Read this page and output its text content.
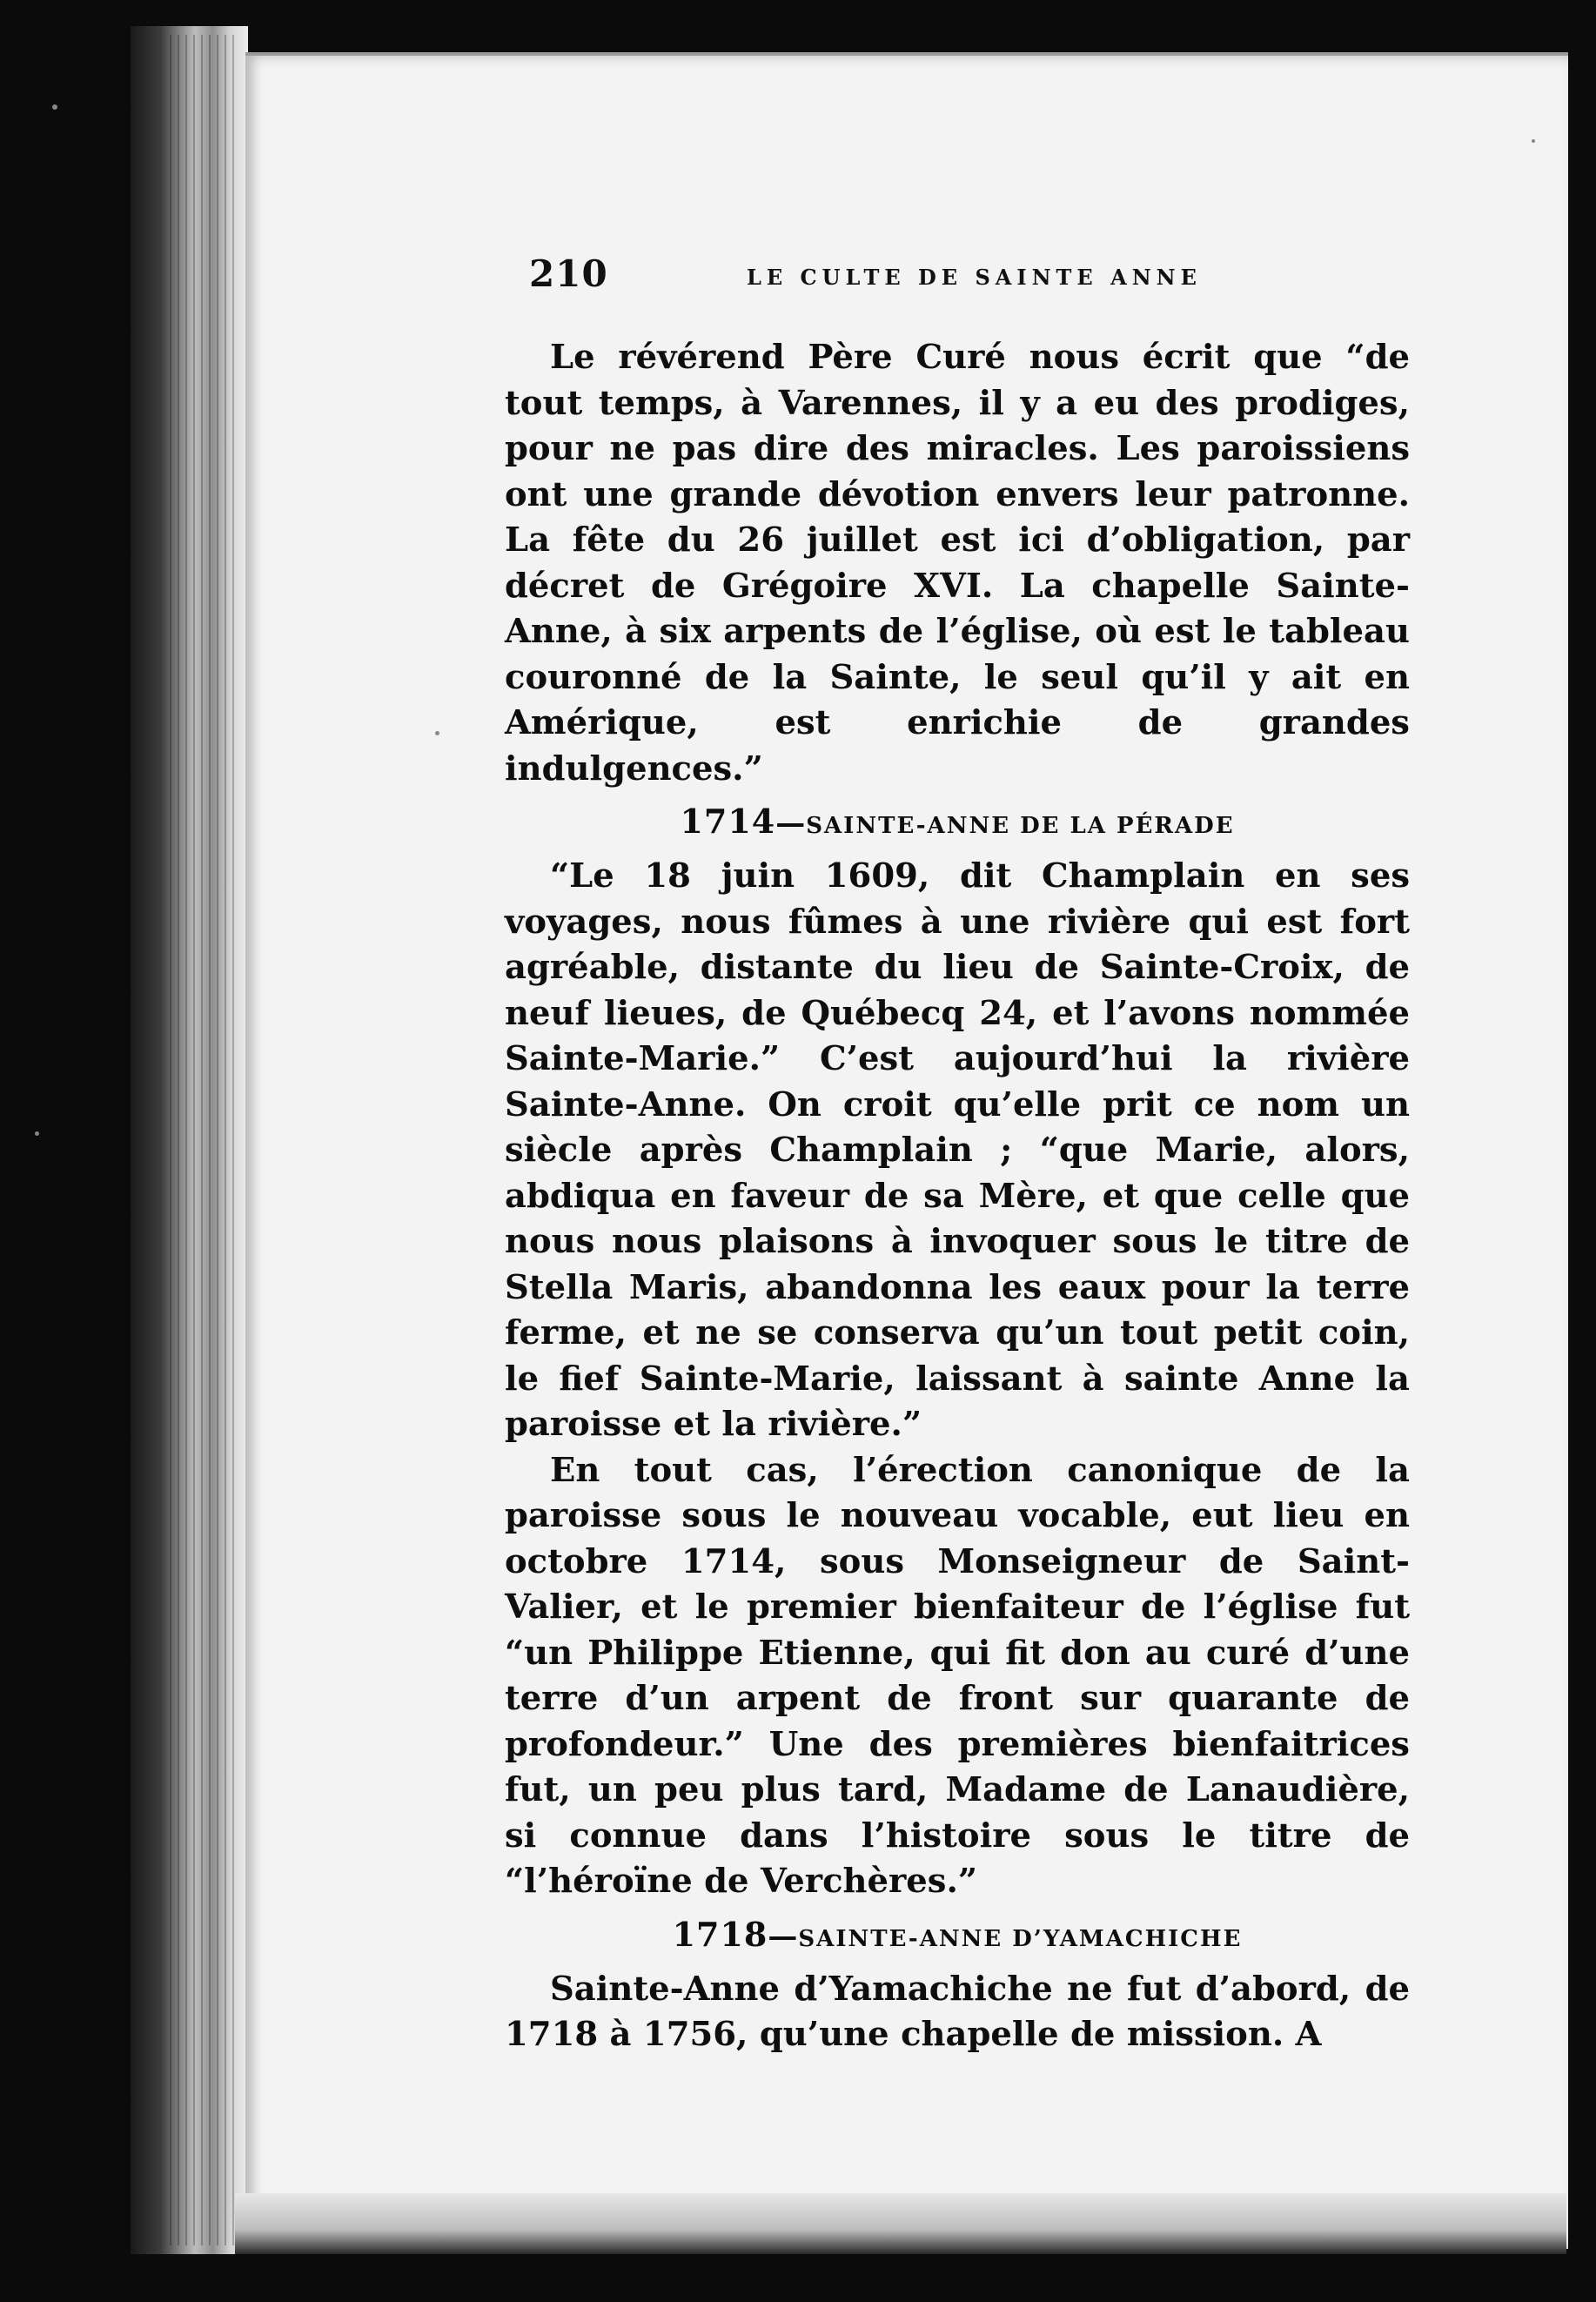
210	LE CULTE DE SAINTE ANNE

Le révérend Père Curé nous écrit que “de tout temps, à Varennes, il y a eu des prodiges, pour ne pas dire des miracles. Les paroissiens ont une grande dévotion envers leur patronne. La fête du 26 juillet est ici d’obligation, par décret de Grégoire XVI. La chapelle Sainte-Anne, à six arpents de l’église, où est le tableau couronné de la Sainte, le seul qu’il y ait en Amérique, est enrichie de grandes indulgences.”

1714—SAINTE-ANNE DE LA PÉRADE

“Le 18 juin 1609, dit Champlain en ses voyages, nous fûmes à une rivière qui est fort agréable, distante du lieu de Sainte-Croix, de neuf lieues, de Québecq 24, et l’avons nommée Sainte-Marie.” C’est aujourd’hui la rivière Sainte-Anne. On croit qu’elle prit ce nom un siècle après Champlain ; “que Marie, alors, abdiqua en faveur de sa Mère, et que celle que nous nous plaisons à invoquer sous le titre de Stella Maris, abandonna les eaux pour la terre ferme, et ne se conserva qu’un tout petit coin, le fief Sainte-Marie, laissant à sainte Anne la paroisse et la rivière.”

En tout cas, l’érection canonique de la paroisse sous le nouveau vocable, eut lieu en octobre 1714, sous Monseigneur de Saint-Valier, et le premier bienfaiteur de l’église fut “un Philippe Etienne, qui fit don au curé d’une terre d’un arpent de front sur quarante de profondeur.” Une des premières bienfaitrices fut, un peu plus tard, Madame de Lanaudière, si connue dans l’histoire sous le titre de “l’héroïne de Verchères.”

1718—SAINTE-ANNE D’YAMACHICHE

Sainte-Anne d’Yamachiche ne fut d’abord, de 1718 à 1756, qu’une chapelle de mission. A
